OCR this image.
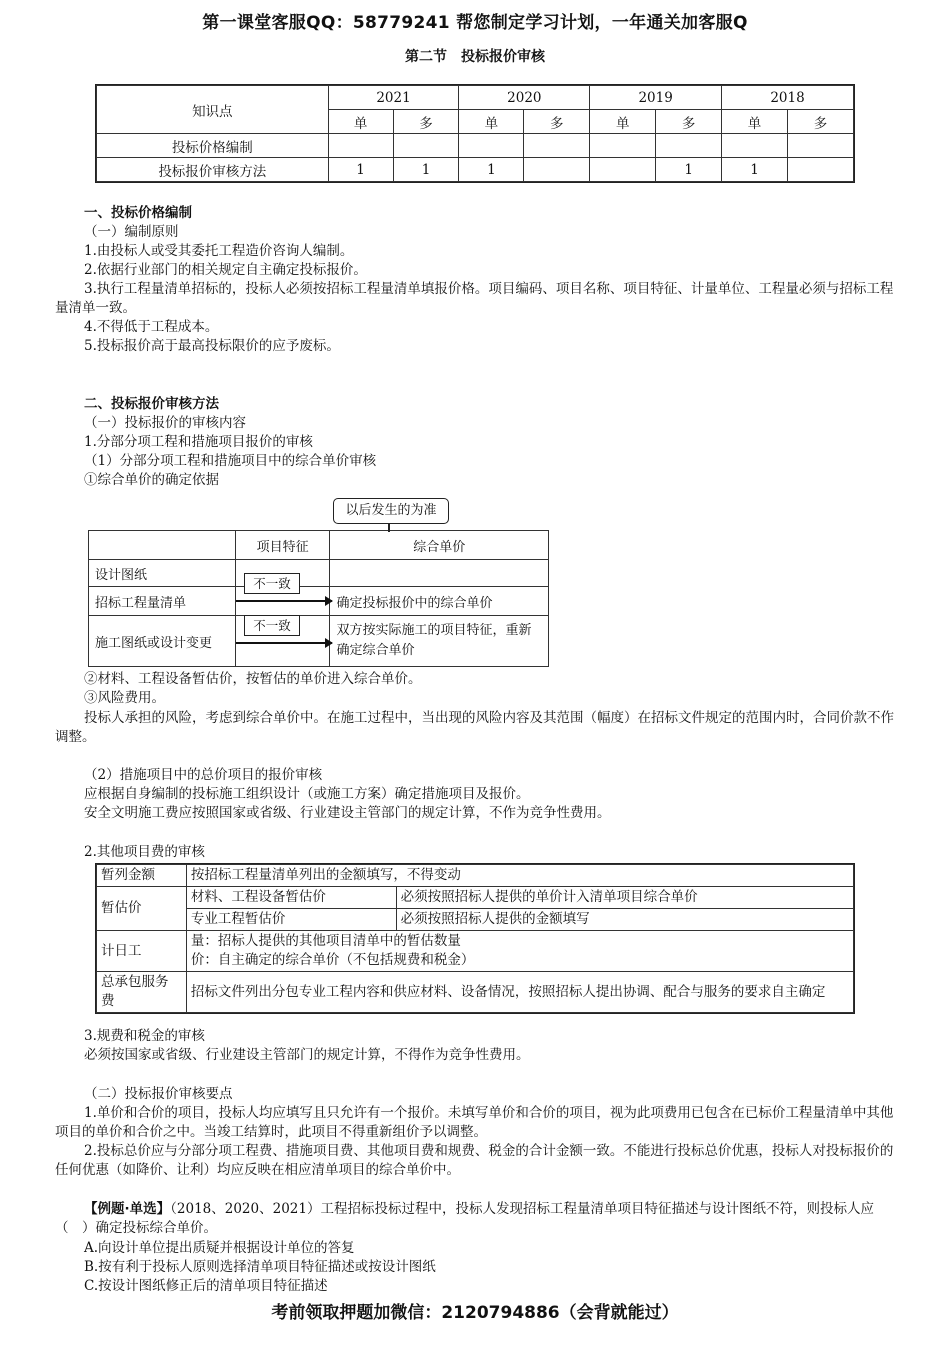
第一课堂客服QQ：58779241 帮您制定学习计划，一年通关加客服Q
第二节　投标报价审核
知识点	2021		2020		2019		2018	
	单	多	单	多	单	多	单	多
投标价格编制								
投标报价审核方法	1	1	1			1	1	
一、投标价格编制
（一）编制原则
1.由投标人或受其委托工程造价咨询人编制。
2.依据行业部门的相关规定自主确定投标报价。
3.执行工程量清单招标的，投标人必须按招标工程量清单填报价格。项目编码、项目名称、项目特征、计量单位、工程量必须与招标工程量清单一致。
4.不得低于工程成本。
5.投标报价高于最高投标限价的应予废标。
二、投标报价审核方法
（一）投标报价的审核内容
1.分部分项工程和措施项目报价的审核
（1）分部分项工程和措施项目中的综合单价审核
①综合单价的确定依据
	项目特征	综合单价
设计图纸		
招标工程量清单		确定投标报价中的综合单价
施工图纸或设计变更		双方按实际施工的项目特征，重新确定综合单价
以后发生的为准
不一致
不一致
②材料、工程设备暂估价，按暂估的单价进入综合单价。
③风险费用。
投标人承担的风险，考虑到综合单价中。在施工过程中，当出现的风险内容及其范围（幅度）在招标文件规定的范围内时，合同价款不作调整。
（2）措施项目中的总价项目的报价审核
应根据自身编制的投标施工组织设计（或施工方案）确定措施项目及报价。
安全文明施工费应按照国家或省级、行业建设主管部门的规定计算，不作为竞争性费用。
2.其他项目费的审核
暂列金额	按招标工程量清单列出的金额填写，不得变动	
暂估价	材料、工程设备暂估价	必须按照招标人提供的单价计入清单项目综合单价
	专业工程暂估价	必须按照招标人提供的金额填写
计日工	量：招标人提供的其他项目清单中的暂估数量
价：自主确定的综合单价（不包括规费和税金）	

总承包服务费	招标文件列出分包专业工程内容和供应材料、设备情况，按照招标人提出协调、配合与服务的要求自主确定	
3.规费和税金的审核
必须按国家或省级、行业建设主管部门的规定计算，不得作为竞争性费用。
（二）投标报价审核要点
1.单价和合价的项目，投标人均应填写且只允许有一个报价。未填写单价和合价的项目，视为此项费用已包含在已标价工程量清单中其他项目的单价和合价之中。当竣工结算时，此项目不得重新组价予以调整。
2.投标总价应与分部分项工程费、措施项目费、其他项目费和规费、税金的合计金额一致。不能进行投标总价优惠，投标人对投标报价的任何优惠（如降价、让利）均应反映在相应清单项目的综合单价中。
【例题·单选】（2018、2020、2021）工程招标投标过程中，投标人发现招标工程量清单项目特征描述与设计图纸不符，则投标人应（　）确定投标综合单价。
A.向设计单位提出质疑并根据设计单位的答复
B.按有利于投标人原则选择清单项目特征描述或按设计图纸
C.按设计图纸修正后的清单项目特征描述
考前领取押题加微信：2120794886（会背就能过）
